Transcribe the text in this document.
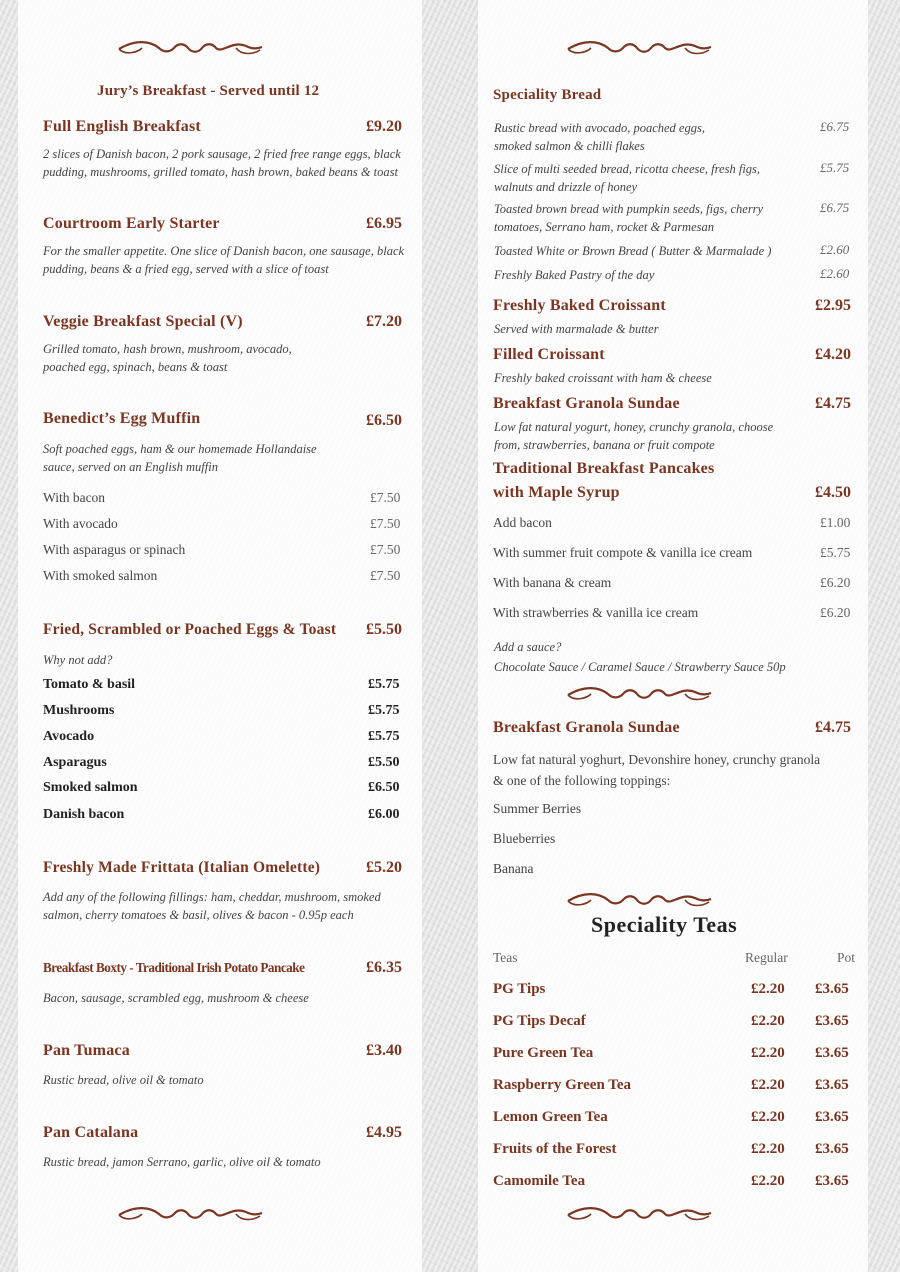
Jury’s Breakfast - Served until 12
Full English Breakfast	£9.20
2 slices of Danish bacon, 2 pork sausage, 2 fried free range eggs, black pudding, mushrooms, grilled tomato, hash brown, baked beans & toast
Courtroom Early Starter	£6.95
For the smaller appetite. One slice of Danish bacon, one sausage, black pudding, beans & a fried egg, served with a slice of toast
Veggie Breakfast Special (V)	£7.20
Grilled tomato, hash brown, mushroom, avocado, poached egg, spinach, beans & toast
Benedict’s Egg Muffin	£6.50
Soft poached eggs, ham & our homemade Hollandaise sauce, served on an English muffin
With bacon	£7.50
With avocado	£7.50
With asparagus or spinach	£7.50
With smoked salmon	£7.50
Fried, Scrambled or Poached Eggs & Toast £5.50
Why not add?
Tomato & basil	£5.75
Mushrooms	£5.75
Avocado	£5.75
Asparagus	£5.50
Smoked salmon	£6.50
Danish bacon	£6.00
Freshly Made Frittata (Italian Omelette)	£5.20
Add any of the following fillings: ham, cheddar, mushroom, smoked salmon, cherry tomatoes & basil, olives & bacon - 0.95p each
Breakfast Boxty - Traditional Irish Potato Pancake	£6.35
Bacon, sausage, scrambled egg, mushroom & cheese
Pan Tumaca	£3.40
Rustic bread, olive oil & tomato
Pan Catalana	£4.95
Rustic bread, jamon Serrano, garlic, olive oil & tomato
Speciality Bread
Rustic bread with avocado, poached eggs, smoked salmon & chilli flakes
£6.75
Slice of multi seeded bread, ricotta cheese, fresh figs, walnuts and drizzle of honey
£5.75
Toasted brown bread with pumpkin seeds, figs, cherry tomatoes, Serrano ham, rocket & Parmesan
£6.75
Toasted White or Brown Bread ( Butter & Marmalade )	£2.60
Freshly Baked Pastry of the day	£2.60
Freshly Baked Croissant	£2.95
Served with marmalade & butter
Filled Croissant	£4.20
Freshly baked croissant with ham & cheese
Breakfast Granola Sundae	£4.75
Low fat natural yogurt, honey, crunchy granola, choose from, strawberries, banana or fruit compote
Traditional Breakfast Pancakes
with Maple Syrup	£4.50
Add bacon	£1.00
With summer fruit compote & vanilla ice cream	£5.75
With banana & cream	£6.20
With strawberries & vanilla ice cream	£6.20
Add a sauce?
Chocolate Sauce / Caramel Sauce / Strawberry Sauce 50p
Breakfast Granola Sundae	£4.75
Low fat natural yoghurt, Devonshire honey, crunchy granola & one of the following toppings:
Summer Berries
Blueberries
Banana
Speciality Teas
Teas	Regular	Pot
PG Tips	£2.20 £3.65
PG Tips Decaf	£2.20 £3.65
Pure Green Tea	£2.20 £3.65
Raspberry Green Tea	£2.20 £3.65
Lemon Green Tea	£2.20 £3.65
Fruits of the Forest	£2.20 £3.65
Camomile Tea	£2.20 £3.65
